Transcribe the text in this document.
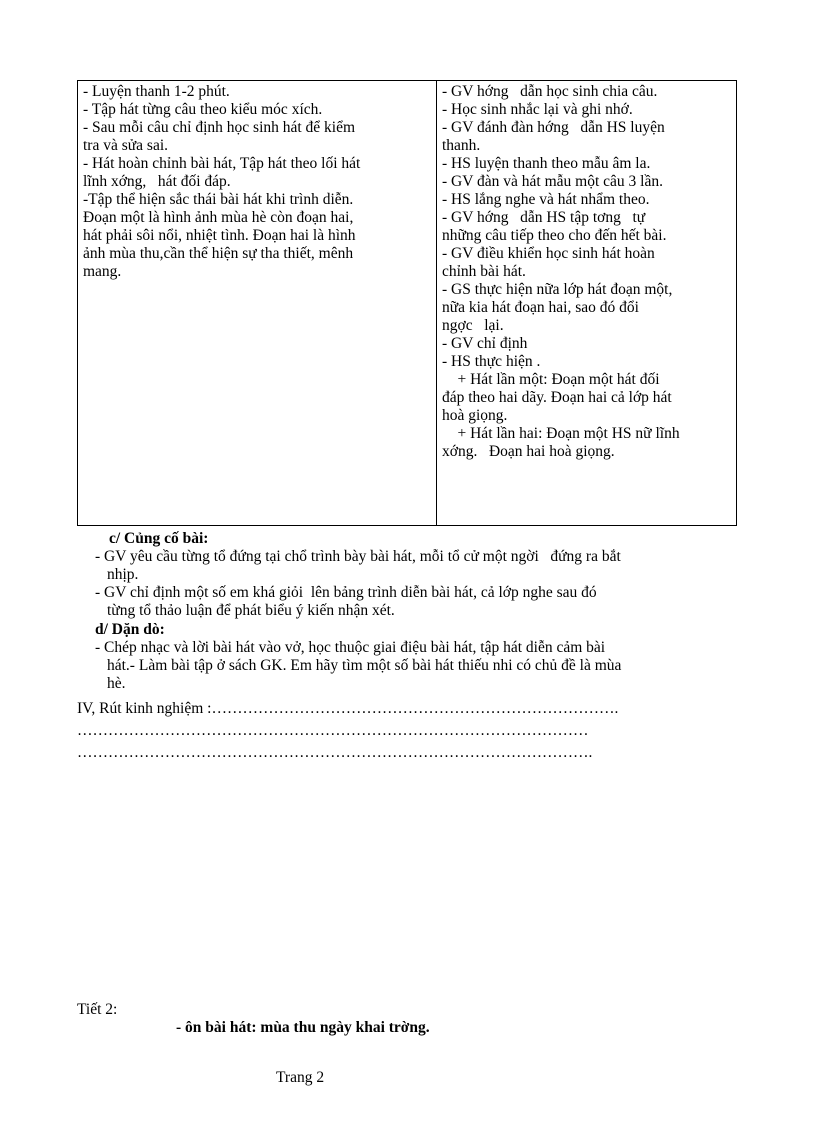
- Luyện thanh 1-2 phút.
- Tập hát từng câu theo kiểu móc xích.
- Sau mỗi câu chỉ định học sinh hát để kiểm
tra và sửa sai.
- Hát hoàn chỉnh bài hát, Tập hát theo lối hát
lĩnh xớng,   hát đối đáp.
-Tập thể hiện sắc thái bài hát khi trình diễn.
Đoạn một là hình ảnh mùa hè còn đoạn hai,
hát phải sôi nổi, nhiệt tình. Đoạn hai là hình
ảnh mùa thu,cần thể hiện sự tha thiết, mênh
mang.
- GV hớng   dẫn học sinh chia câu.
- Học sinh nhắc lại và ghi nhớ.
- GV đánh đàn hớng   dẫn HS luyện
thanh.
- HS luyện thanh theo mẫu âm la.
- GV đàn và hát mẫu một câu 3 lần.
- HS lắng nghe và hát nhẩm theo.
- GV hớng   dẫn HS tập tơng   tự
những câu tiếp theo cho đến hết bài.
- GV điều khiển học sinh hát hoàn
chỉnh bài hát.
- GS thực hiện nữa lớp hát đoạn một,
nữa kia hát đoạn hai, sao đó đổi
ngợc   lại.
- GV chỉ định
- HS thực hiện .
+ Hát lần một: Đoạn một hát đối
đáp theo hai dãy. Đoạn hai cả lớp hát
hoà giọng.
+ Hát lần hai: Đoạn một HS nữ lĩnh
xớng.   Đoạn hai hoà giọng.
c/ Củng cố bài:
- GV yêu cầu từng tổ đứng tại chổ trình bày bài hát, mỗi tổ cử một ngời   đứng ra bắt
nhịp.
- GV chỉ định một số em khá giỏi  lên bảng trình diễn bài hát, cả lớp nghe sau đó
từng tổ thảo luận để phát biểu ý kiến nhận xét.
d/ Dặn dò:
- Chép nhạc và lời bài hát vào vở, học thuộc giai điệu bài hát, tập hát diễn cảm bài
hát.- Làm bài tập ở sách GK. Em hãy tìm một số bài hát thiếu nhi có chủ đề là mùa
hè.
IV, Rút kinh nghiệm :…………………………………………………………………….
………………………………………………………………………………………
……………………………………………………………………………………….
Tiết 2:
- ôn bài hát: mùa thu ngày khai trờng.
Trang 2
